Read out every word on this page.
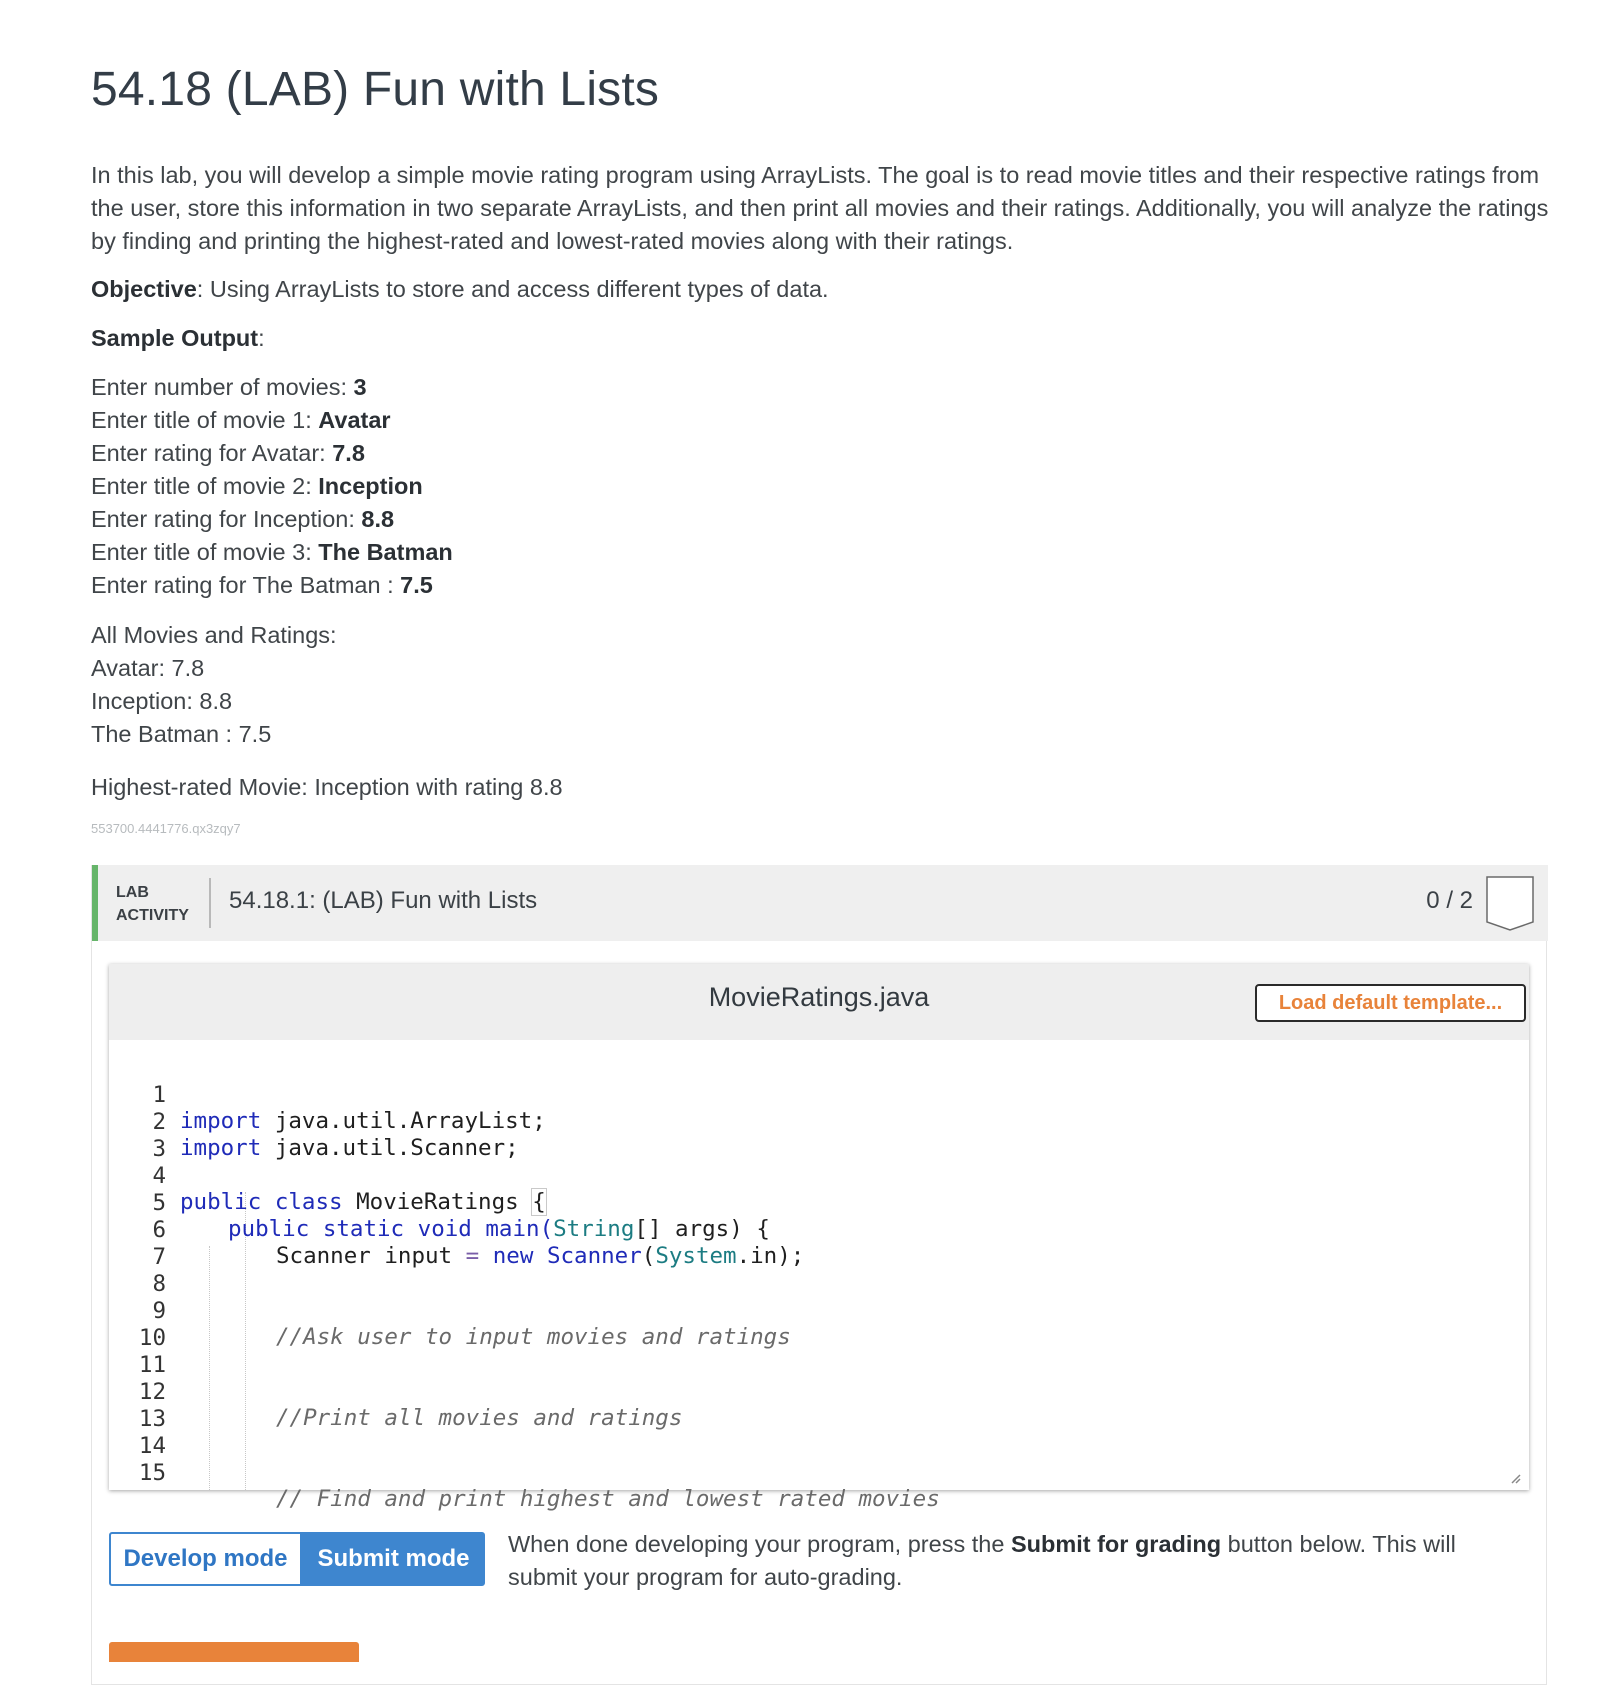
54.18 (LAB) Fun with Lists

In this lab, you will develop a simple movie rating program using ArrayLists. The goal is to read movie titles and their respective ratings from the user, store this information in two separate ArrayLists, and then print all movies and their ratings. Additionally, you will analyze the ratings by finding and printing the highest-rated and lowest-rated movies along with their ratings.

Objective: Using ArrayLists to store and access different types of data.

Sample Output:

Enter number of movies: 3
Enter title of movie 1: Avatar
Enter rating for Avatar: 7.8
Enter title of movie 2: Inception
Enter rating for Inception: 8.8
Enter title of movie 3: The Batman
Enter rating for The Batman : 7.5

All Movies and Ratings:
Avatar: 7.8
Inception: 8.8
The Batman : 7.5

Highest-rated Movie: Inception with rating 8.8

553700.4441776.qx3zqy7

LAB
ACTIVITY
54.18.1: (LAB) Fun with Lists	0 / 2
MovieRatings.java	Load default template...

1

import java.util.ArrayList;

2

import java.util.Scanner;

3

4

public class MovieRatings {

5

public static void main(String[] args) {

6

Scanner input = new Scanner(System.in);

7

8

9

//Ask user to input movies and ratings

10

11

12

//Print all movies and ratings

13

14

15

// Find and print highest and lowest rated movies

Develop mode	Submit mode

When done developing your program, press the Submit for grading button below. This will submit your program for auto-grading.
